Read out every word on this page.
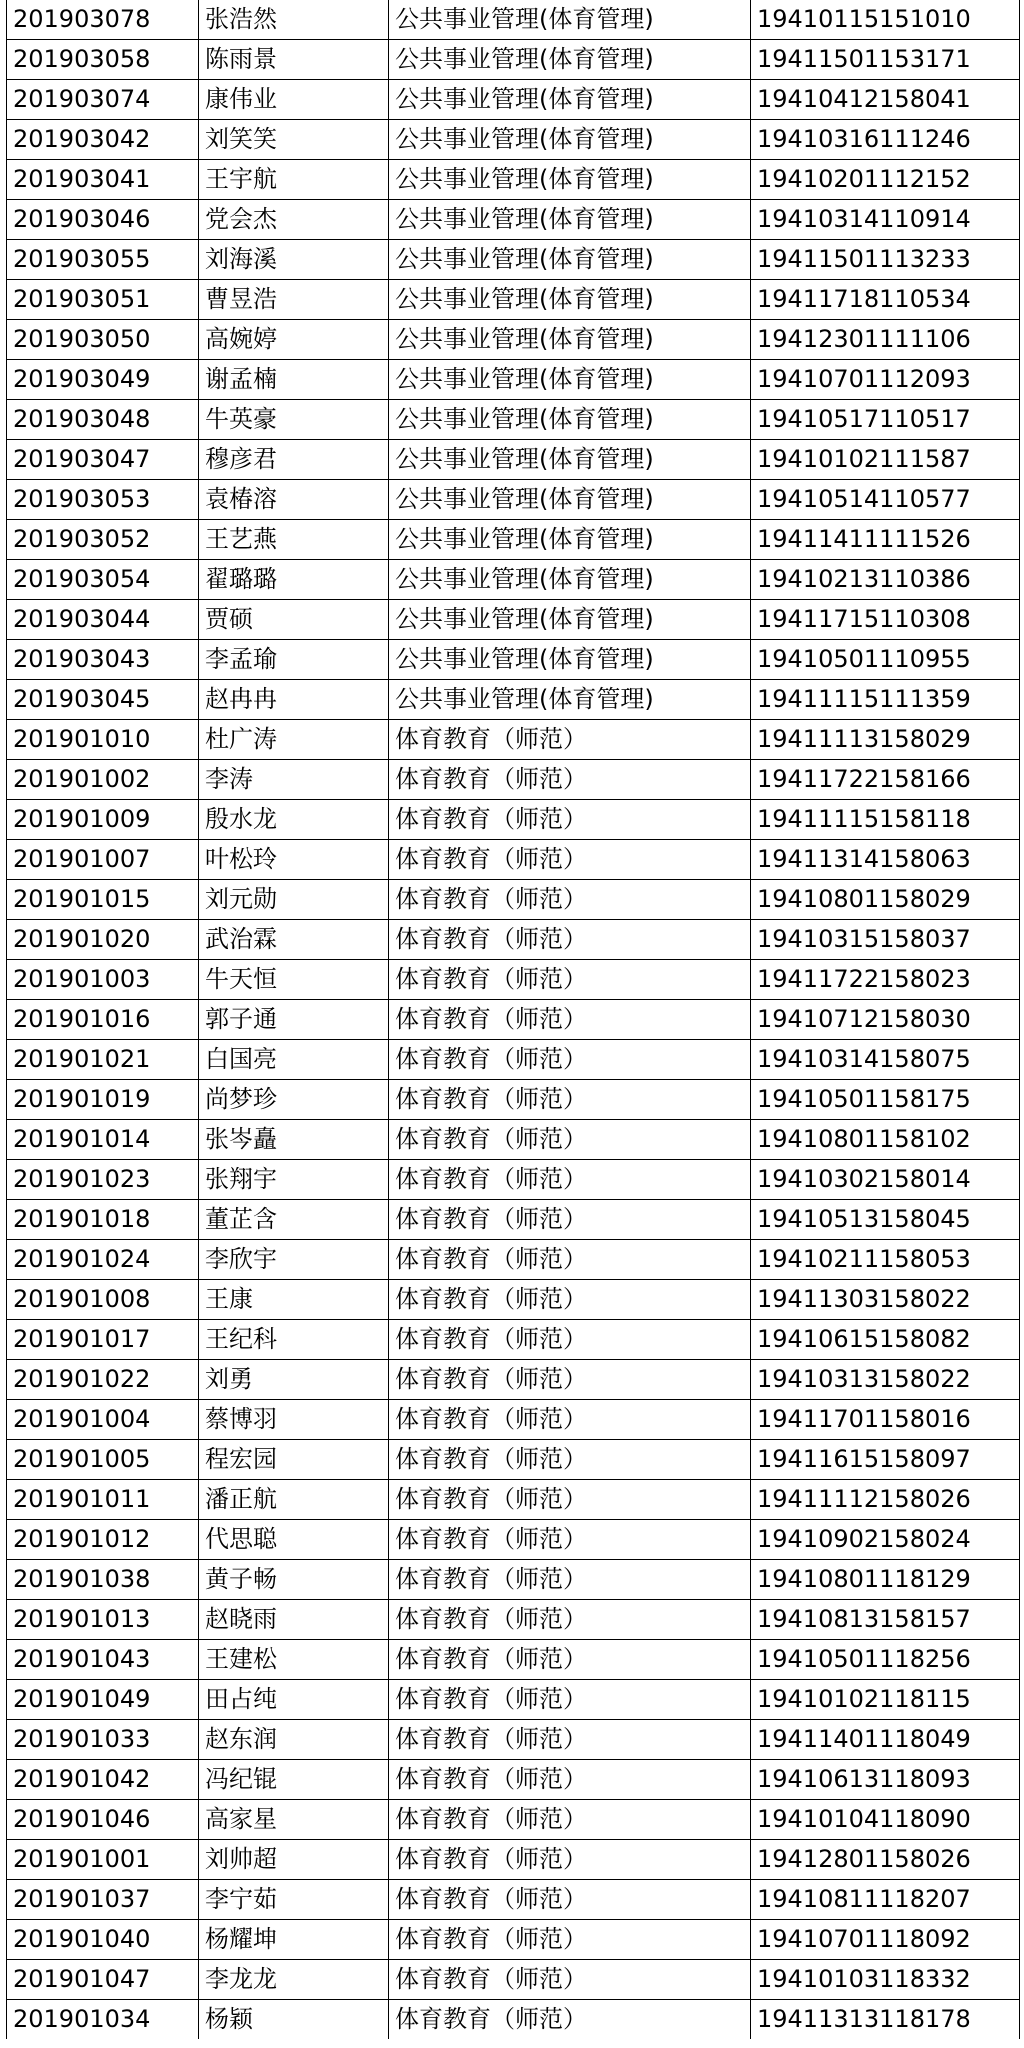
201903078	张浩然	公共事业管理(体育管理)	19410115151010
201903058	陈雨景	公共事业管理(体育管理)	19411501153171
201903074	康伟业	公共事业管理(体育管理)	19410412158041
201903042	刘笑笑	公共事业管理(体育管理)	19410316111246
201903041	王宇航	公共事业管理(体育管理)	19410201112152
201903046	党会杰	公共事业管理(体育管理)	19410314110914
201903055	刘海溪	公共事业管理(体育管理)	19411501113233
201903051	曹昱浩	公共事业管理(体育管理)	19411718110534
201903050	高婉婷	公共事业管理(体育管理)	19412301111106
201903049	谢孟楠	公共事业管理(体育管理)	19410701112093
201903048	牛英豪	公共事业管理(体育管理)	19410517110517
201903047	穆彦君	公共事业管理(体育管理)	19410102111587
201903053	袁椿溶	公共事业管理(体育管理)	19410514110577
201903052	王艺燕	公共事业管理(体育管理)	19411411111526
201903054	翟璐璐	公共事业管理(体育管理)	19410213110386
201903044	贾硕	公共事业管理(体育管理)	19411715110308
201903043	李孟瑜	公共事业管理(体育管理)	19410501110955
201903045	赵冉冉	公共事业管理(体育管理)	19411115111359
201901010	杜广涛	体育教育（师范）	19411113158029
201901002	李涛	体育教育（师范）	19411722158166
201901009	殷水龙	体育教育（师范）	19411115158118
201901007	叶松玲	体育教育（师范）	19411314158063
201901015	刘元勋	体育教育（师范）	19410801158029
201901020	武治霖	体育教育（师范）	19410315158037
201901003	牛天恒	体育教育（师范）	19411722158023
201901016	郭子通	体育教育（师范）	19410712158030
201901021	白国亮	体育教育（师范）	19410314158075
201901019	尚梦珍	体育教育（师范）	19410501158175
201901014	张岑矗	体育教育（师范）	19410801158102
201901023	张翔宇	体育教育（师范）	19410302158014
201901018	董芷含	体育教育（师范）	19410513158045
201901024	李欣宇	体育教育（师范）	19410211158053
201901008	王康	体育教育（师范）	19411303158022
201901017	王纪科	体育教育（师范）	19410615158082
201901022	刘勇	体育教育（师范）	19410313158022
201901004	蔡博羽	体育教育（师范）	19411701158016
201901005	程宏园	体育教育（师范）	19411615158097
201901011	潘正航	体育教育（师范）	19411112158026
201901012	代思聪	体育教育（师范）	19410902158024
201901038	黄子畅	体育教育（师范）	19410801118129
201901013	赵晓雨	体育教育（师范）	19410813158157
201901043	王建松	体育教育（师范）	19410501118256
201901049	田占纯	体育教育（师范）	19410102118115
201901033	赵东润	体育教育（师范）	19411401118049
201901042	冯纪锟	体育教育（师范）	19410613118093
201901046	高家星	体育教育（师范）	19410104118090
201901001	刘帅超	体育教育（师范）	19412801158026
201901037	李宁茹	体育教育（师范）	19410811118207
201901040	杨耀坤	体育教育（师范）	19410701118092
201901047	李龙龙	体育教育（师范）	19410103118332
201901034	杨颖	体育教育（师范）	19411313118178
